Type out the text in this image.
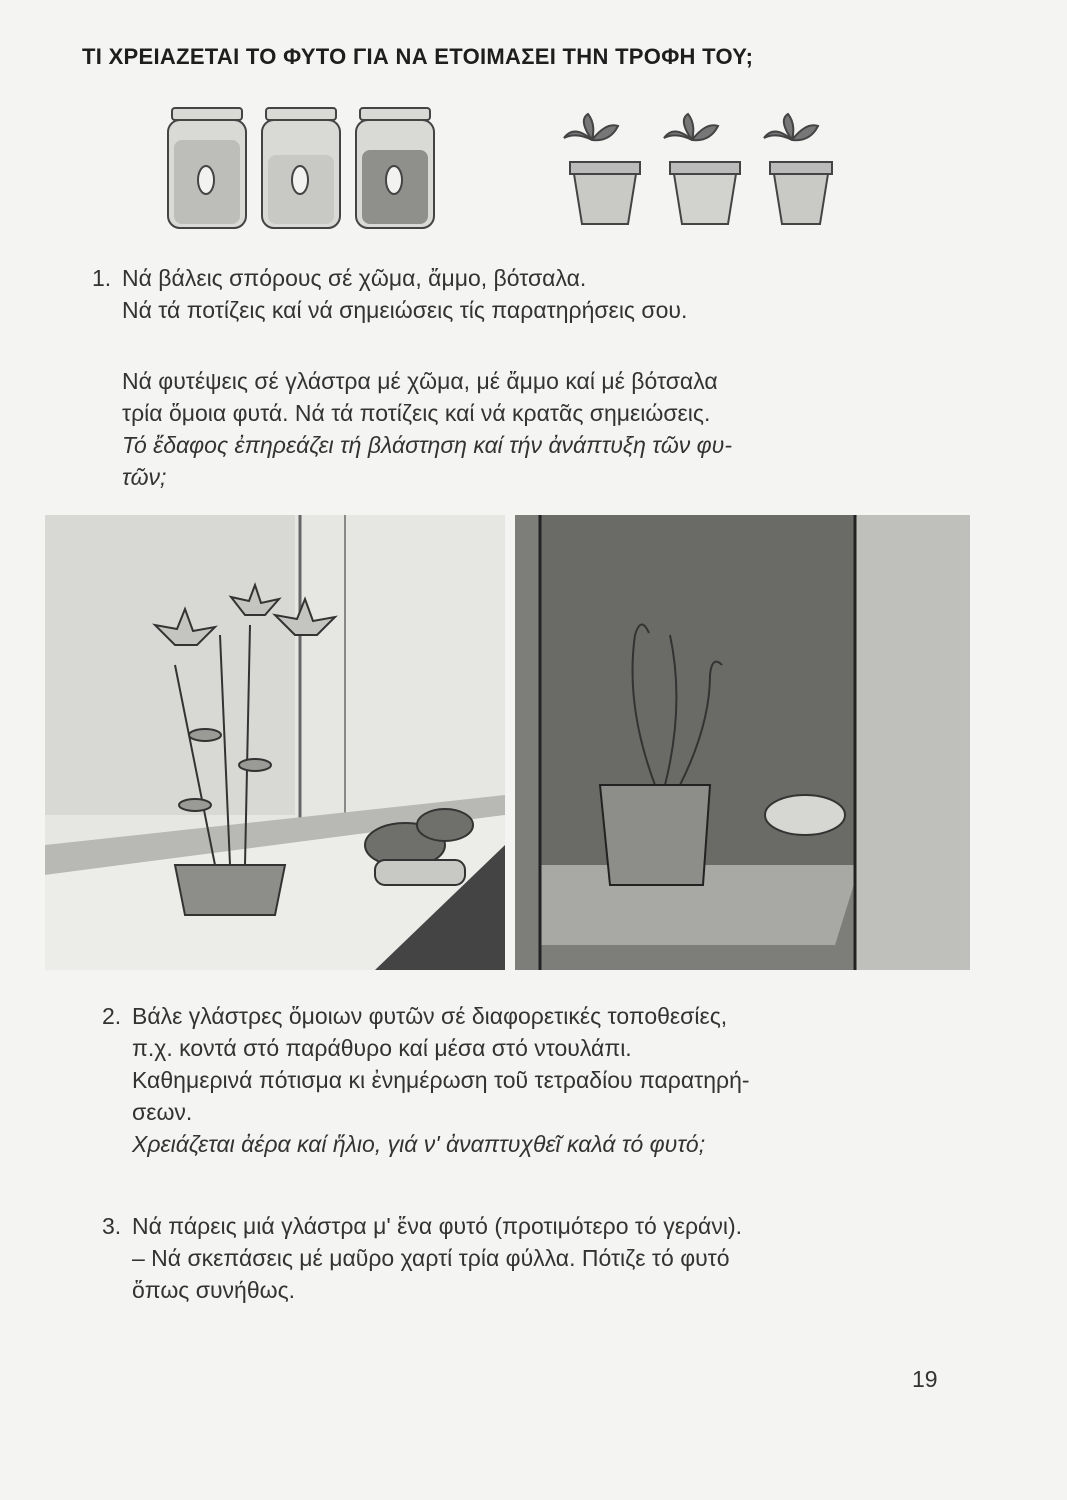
ΤΙ ΧΡΕΙΑΖΕΤΑΙ ΤΟ ΦΥΤΟ ΓΙΑ ΝΑ ΕΤΟΙΜΑΣΕΙ ΤΗΝ ΤΡΟΦΗ ΤΟΥ;
1. Νά βάλεις σπόρους σέ χῶμα, ἄμμο, βότσαλα.
Νά τά ποτίζεις καί νά σημειώσεις τίς παρατηρήσεις σου.
Νά φυτέψεις σέ γλάστρα μέ χῶμα, μέ ἄμμο καί μέ βότσαλα
τρία ὅμοια φυτά. Νά τά ποτίζεις καί νά κρατᾶς σημειώσεις.
Τό ἔδαφος ἐπηρεάζει τή βλάστηση καί τήν ἀνάπτυξη τῶν φυ-
τῶν;
2. Βάλε γλάστρες ὅμοιων φυτῶν σέ διαφορετικές τοποθεσίες,
π.χ. κοντά στό παράθυρο καί μέσα στό ντουλάπι.
Καθημερινά πότισμα κι ἐνημέρωση τοῦ τετραδίου παρατηρή-
σεων.
Χρειάζεται ἀέρα καί ἥλιο, γιά ν' ἀναπτυχθεῖ καλά τό φυτό;
3. Νά πάρεις μιά γλάστρα μ' ἕνα φυτό (προτιμότερο τό γεράνι).
– Νά σκεπάσεις μέ μαῦρο χαρτί τρία φύλλα. Πότιζε τό φυτό
ὅπως συνήθως.
19
